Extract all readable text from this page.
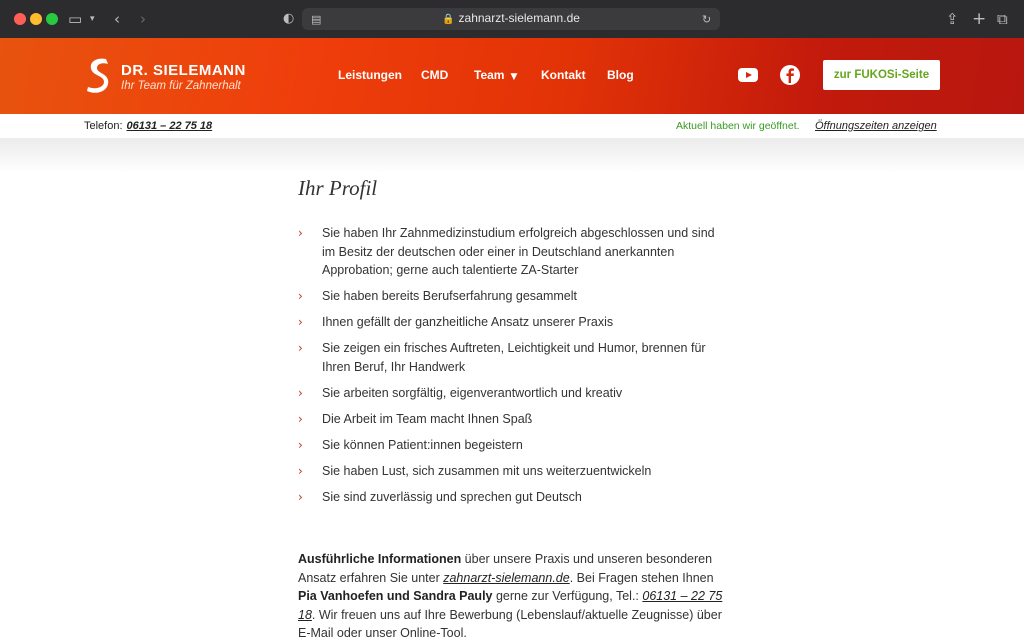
▭ ▾ ‹ ›	◐ ▤	🔒 zahnarzt-sielemann.de	↻	⇪ + ⧉
DR. SIELEMANN
Ihr Team für Zahnerhalt
Leistungen CMD Team ▼ Kontakt Blog	zur FUKOSi-Seite
Telefon: 06131 – 22 75 18	Aktuell haben wir geöffnet. Öffnungszeiten anzeigen
Ihr Profil
› Sie haben Ihr Zahnmedizinstudium erfolgreich abgeschlossen und sind im Besitz der deutschen oder einer in Deutschland anerkannten Approbation; gerne auch talentierte ZA-Starter
› Sie haben bereits Berufserfahrung gesammelt
› Ihnen gefällt der ganzheitliche Ansatz unserer Praxis
› Sie zeigen ein frisches Auftreten, Leichtigkeit und Humor, brennen für Ihren Beruf, Ihr Handwerk
› Sie arbeiten sorgfältig, eigenverantwortlich und kreativ
› Die Arbeit im Team macht Ihnen Spaß
› Sie können Patient:innen begeistern
› Sie haben Lust, sich zusammen mit uns weiterzuentwickeln
› Sie sind zuverlässig und sprechen gut Deutsch
Ausführliche Informationen über unsere Praxis und unseren besonderen Ansatz erfahren Sie unter zahnarzt-sielemann.de. Bei Fragen stehen Ihnen Pia Vanhoefen und Sandra Pauly gerne zur Verfügung, Tel.: 06131 – 22 75 18. Wir freuen uns auf Ihre Bewerbung (Lebenslauf/aktuelle Zeugnisse) über E-Mail oder unser Online-Tool.
